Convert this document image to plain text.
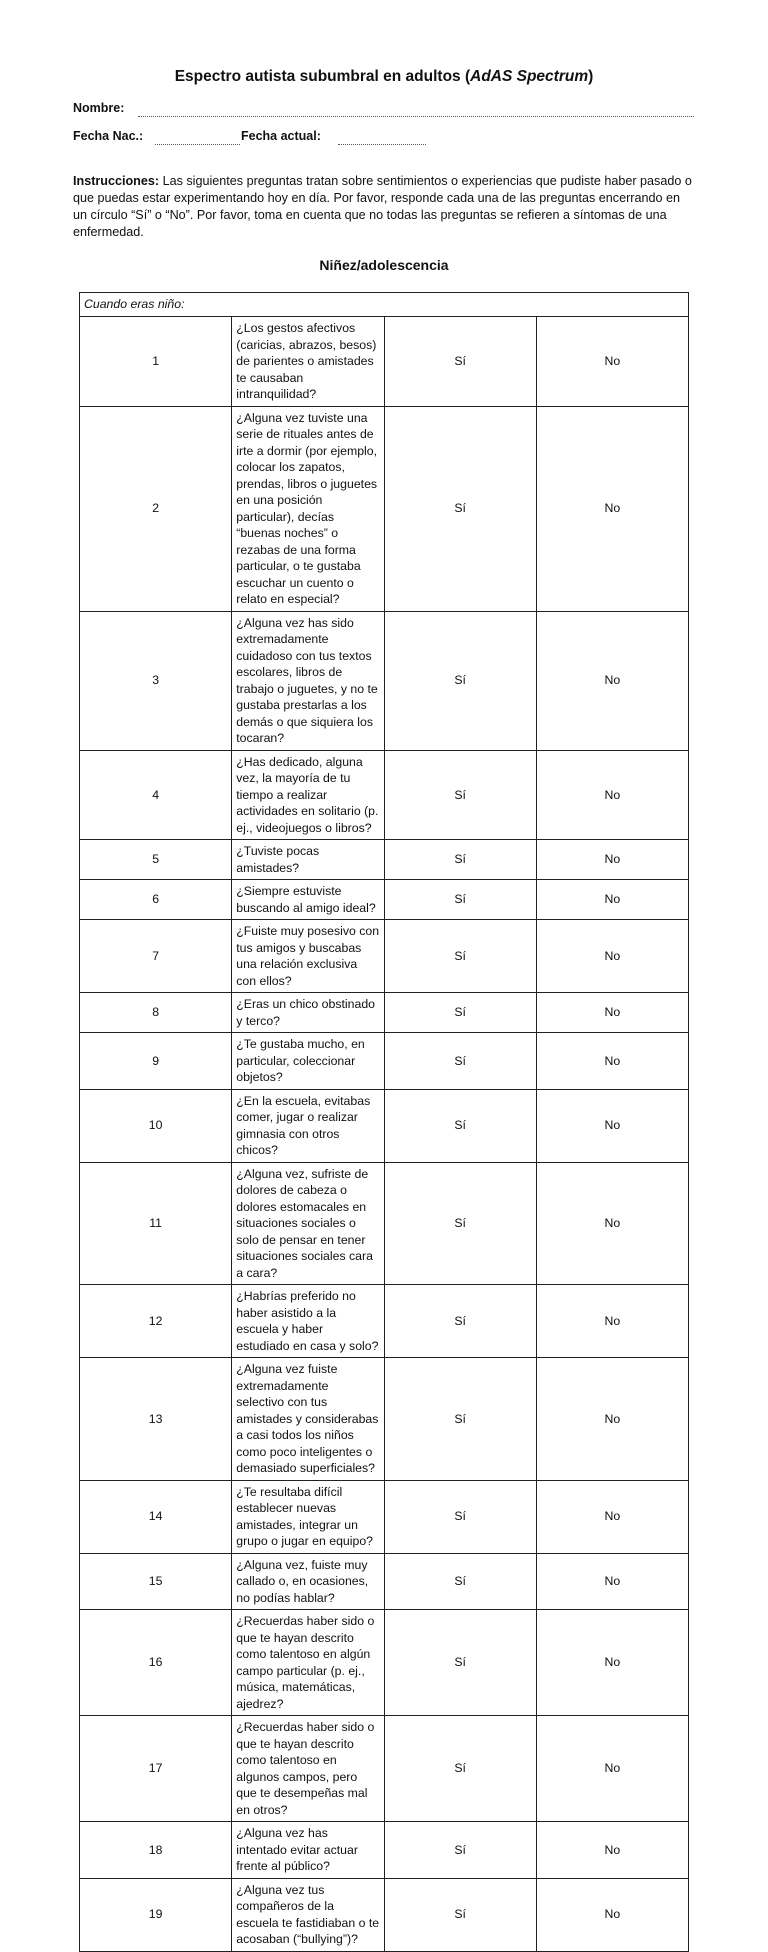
Espectro autista subumbral en adultos (AdAS Spectrum)
Nombre:
Fecha Nac.:	Fecha actual:
Instrucciones: Las siguientes preguntas tratan sobre sentimientos o experiencias que pudiste haber pasado o que puedas estar experimentando hoy en día. Por favor, responde cada una de las preguntas encerrando en un círculo “Sí” o “No”. Por favor, toma en cuenta que no todas las preguntas se refieren a síntomas de una enfermedad.
Niñez/adolescencia
Cuando eras niño:			
1	¿Los gestos afectivos (caricias, abrazos, besos) de parientes o amistades te causaban intranquilidad?	Sí	No
2	¿Alguna vez tuviste una serie de rituales antes de irte a dormir (por ejemplo, colocar los zapatos, prendas, libros o juguetes en una posición particular), decías “buenas noches” o rezabas de una forma particular, o te gustaba escuchar un cuento o relato en especial?	Sí	No
3	¿Alguna vez has sido extremadamente cuidadoso con tus textos escolares, libros de trabajo o juguetes, y no te gustaba prestarlas a los demás o que siquiera los tocaran?	Sí	No
4	¿Has dedicado, alguna vez, la mayoría de tu tiempo a realizar actividades en solitario (p. ej., videojuegos o libros?	Sí	No
5	¿Tuviste pocas amistades?	Sí	No
6	¿Siempre estuviste buscando al amigo ideal?	Sí	No
7	¿Fuiste muy posesivo con tus amigos y buscabas una relación exclusiva con ellos?	Sí	No
8	¿Eras un chico obstinado y terco?	Sí	No
9	¿Te gustaba mucho, en particular, coleccionar objetos?	Sí	No
10	¿En la escuela, evitabas comer, jugar o realizar gimnasia con otros chicos?	Sí	No
11	¿Alguna vez, sufriste de dolores de cabeza o dolores estomacales en situaciones sociales o solo de pensar en tener situaciones sociales cara a cara?	Sí	No
12	¿Habrías preferido no haber asistido a la escuela y haber estudiado en casa y solo?	Sí	No
13	¿Alguna vez fuiste extremadamente selectivo con tus amistades y considerabas a casi todos los niños como poco inteligentes o demasiado superficiales?	Sí	No
14	¿Te resultaba difícil establecer nuevas amistades, integrar un grupo o jugar en equipo?	Sí	No
15	¿Alguna vez, fuiste muy callado o, en ocasiones, no podías hablar?	Sí	No
16	¿Recuerdas haber sido o que te hayan descrito como talentoso en algún campo particular (p. ej., música, matemáticas, ajedrez?	Sí	No
17	¿Recuerdas haber sido o que te hayan descrito como talentoso en algunos campos, pero que te desempeñas mal en otros?	Sí	No
18	¿Alguna vez has intentado evitar actuar frente al público?	Sí	No
19	¿Alguna vez tus compañeros de la escuela te fastidiaban o te acosaban (“bullying”)?	Sí	No
